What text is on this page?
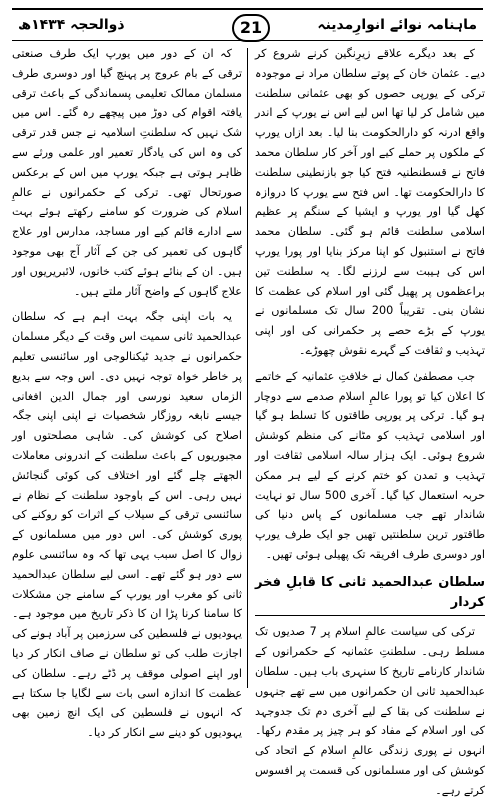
ماہنامہ نوائے انوارِمدینہ
21
ذوالحجہ ۱۴۳۴ھ

کے بعد دیگرے علاقے زیرِنگین کرنے شروع کر دیے۔ عثمان خان کے پوتے سلطان مراد نے موجودہ ترکی کے یورپی حصوں کو بھی عثمانی سلطنت میں شامل کر لیا تھا اس لیے اس نے یورپ کے اندر واقع ادرنہ کو دارالحکومت بنا لیا۔ بعد ازاں یورپ کے ملکوں پر حملے کیے اور آخر کار سلطان محمد فاتح نے قسطنطنیہ فتح کیا جو بازنطینی سلطنت کا دارالحکومت تھا۔ اس فتح سے یورپ کا دروازہ کھل گیا اور یورپ و ایشیا کے سنگم پر عظیم اسلامی سلطنت قائم ہو گئی۔ سلطان محمد فاتح نے استنبول کو اپنا مرکز بنایا اور پورا یورپ اس کی ہیبت سے لرزنے لگا۔ یہ سلطنت تین براعظموں پر پھیل گئی اور اسلام کی عظمت کا نشان بنی۔ تقریباً 200 سال تک مسلمانوں نے یورپ کے بڑے حصے پر حکمرانی کی اور اپنی تہذیب و ثقافت کے گہرے نقوش چھوڑے۔

جب مصطفیٰ کمال نے خلافتِ عثمانیہ کے خاتمے کا اعلان کیا تو پورا عالمِ اسلام صدمے سے دوچار ہو گیا۔ ترکی پر یورپی طاقتوں کا تسلط ہو گیا اور اسلامی تہذیب کو مٹانے کی منظم کوشش شروع ہوئی۔ ایک ہزار سالہ اسلامی ثقافت اور تہذیب و تمدن کو ختم کرنے کے لیے ہر ممکن حربہ استعمال کیا گیا۔ آخری 500 سال تو نہایت شاندار تھے جب مسلمانوں کے پاس دنیا کی طاقتور ترین سلطنتیں تھیں جو ایک طرف یورپ اور دوسری طرف افریقہ تک پھیلی ہوئی تھیں۔

سلطان عبدالحمید ثانی کا قابلِ فخر کردار

ترکی کی سیاست عالمِ اسلام پر 7 صدیوں تک مسلط رہی۔ سلطنتِ عثمانیہ کے حکمرانوں کے شاندار کارنامے تاریخ کا سنہری باب ہیں۔ سلطان عبدالحمید ثانی ان حکمرانوں میں سے تھے جنہوں نے سلطنت کی بقا کے لیے آخری دم تک جدوجہد کی اور اسلام کے مفاد کو ہر چیز پر مقدم رکھا۔ انہوں نے پوری زندگی عالمِ اسلام کے اتحاد کی کوشش کی اور مسلمانوں کی قسمت پر افسوس کرتے رہے۔

کہ ان کے دور میں یورپ ایک طرف صنعتی ترقی کے بام عروج پر پہنچ گیا اور دوسری طرف مسلمان ممالک تعلیمی پسماندگی کے باعث ترقی یافتہ اقوام کی دوڑ میں پیچھے رہ گئے۔ اس میں شک نہیں کہ سلطنتِ اسلامیہ نے جس قدر ترقی کی وہ اس کی یادگار تعمیر اور علمی ورثے سے ظاہر ہوتی ہے جبکہ یورپ میں اس کے برعکس صورتحال تھی۔ ترکی کے حکمرانوں نے عالمِ اسلام کی ضرورت کو سامنے رکھتے ہوئے بہت سے ادارے قائم کیے اور مساجد، مدارس اور علاج گاہوں کی تعمیر کی جن کے آثار آج بھی موجود ہیں۔ ان کے بنائے ہوئے کتب خانوں، لائبریریوں اور علاج گاہوں کے واضح آثار ملتے ہیں۔

یہ بات اپنی جگہ بہت اہم ہے کہ سلطان عبدالحمید ثانی سمیت اس وقت کے دیگر مسلمان حکمرانوں نے جدید ٹیکنالوجی اور سائنسی تعلیم پر خاطر خواہ توجہ نہیں دی۔ اس وجہ سے بدیع الزماں سعید نورسی اور جمال الدین افغانی جیسے نابغہ روزگار شخصیات نے اپنی اپنی جگہ اصلاح کی کوشش کی۔ شاہی مصلحتوں اور مجبوریوں کے باعث سلطنت کے اندرونی معاملات الجھتے چلے گئے اور اختلاف کی کوئی گنجائش نہیں رہی۔ اس کے باوجود سلطنت کے نظام نے سائنسی ترقی کے سیلاب کے اثرات کو روکنے کی پوری کوشش کی۔ اس دور میں مسلمانوں کے زوال کا اصل سبب یہی تھا کہ وہ سائنسی علوم سے دور ہو گئے تھے۔ اسی لیے سلطان عبدالحمید ثانی کو مغرب اور یورپ کے سامنے جن مشکلات کا سامنا کرنا پڑا ان کا ذکر تاریخ میں موجود ہے۔ یہودیوں نے فلسطین کی سرزمین پر آباد ہونے کی اجازت طلب کی تو سلطان نے صاف انکار کر دیا اور اپنے اصولی موقف پر ڈٹے رہے۔ سلطان کی عظمت کا اندازہ اسی بات سے لگایا جا سکتا ہے کہ انہوں نے فلسطین کی ایک انچ زمین بھی یہودیوں کو دینے سے انکار کر دیا۔
